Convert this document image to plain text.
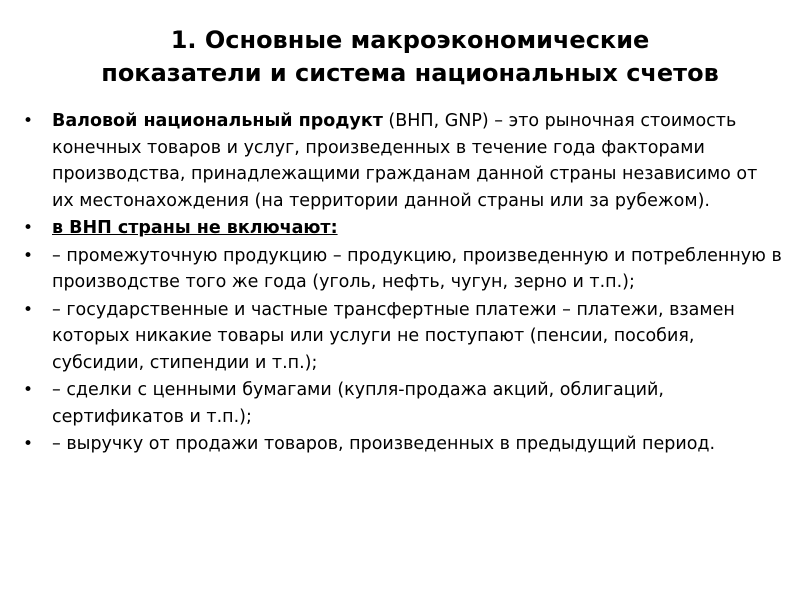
1. Основные макроэкономические
показатели и система национальных счетов
• Валовой национальный продукт (ВНП, GNP) – это рыночная стоимость конечных товаров и услуг, произведенных в течение года факторами производства, принадлежащими гражданам данной страны независимо от их местонахождения (на территории данной страны или за рубежом).
• в ВНП страны не включают:
• – промежуточную продукцию – продукцию, произведенную и потребленную в производстве того же года (уголь, нефть, чугун, зерно и т.п.);
• – государственные и частные трансфертные платежи – платежи, взамен которых никакие товары или услуги не поступают (пенсии, пособия, субсидии, стипендии и т.п.);
• – сделки с ценными бумагами (купля-продажа акций, облигаций, сертификатов и т.п.);
• – выручку от продажи товаров, произведенных в предыдущий период.
